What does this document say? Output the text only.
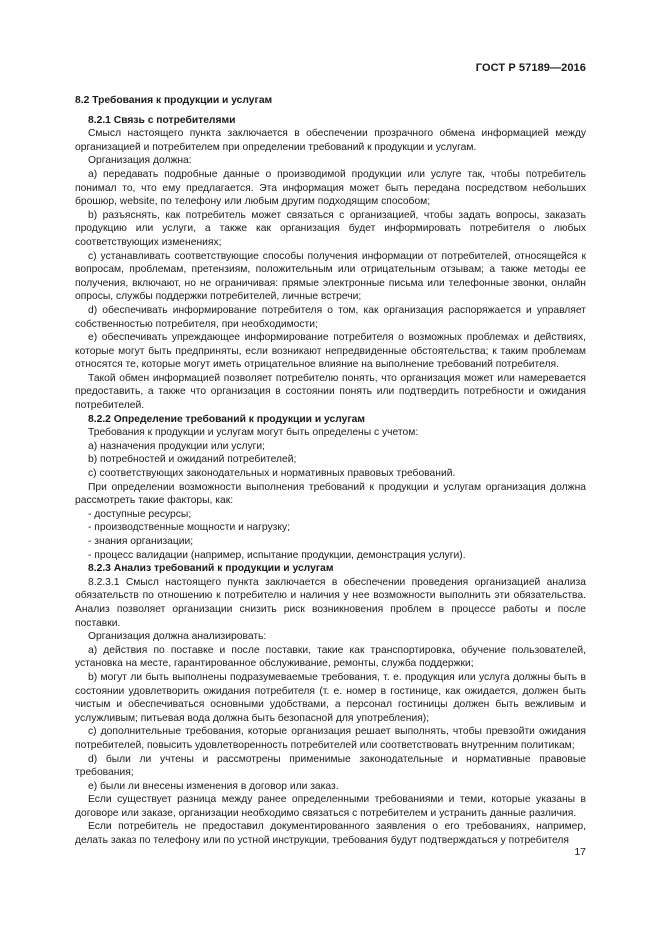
ГОСТ Р 57189—2016

8.2 Требования к продукции и услугам

8.2.1 Связь с потребителями

Смысл настоящего пункта заключается в обеспечении прозрачного обмена информацией между организацией и потребителем при определении требований к продукции и услугам.

Организация должна:

a) передавать подробные данные о производимой продукции или услуге так, чтобы потребитель понимал то, что ему предлагается. Эта информация может быть передана посредством небольших брошюр, website, по телефону или любым другим подходящим способом;

b) разъяснять, как потребитель может связаться с организацией, чтобы задать вопросы, заказать продукцию или услуги, а также как организация будет информировать потребителя о любых соответствующих изменениях;

c) устанавливать соответствующие способы получения информации от потребителей, относящейся к вопросам, проблемам, претензиям, положительным или отрицательным отзывам; а также методы ее получения, включают, но не ограничивая: прямые электронные письма или телефонные звонки, онлайн опросы, службы поддержки потребителей, личные встречи;

d) обеспечивать информирование потребителя о том, как организация распоряжается и управляет собственностью потребителя, при необходимости;

e) обеспечивать упреждающее информирование потребителя о возможных проблемах и действиях, которые могут быть предприняты, если возникают непредвиденные обстоятельства; к таким проблемам относятся те, которые могут иметь отрицательное влияние на выполнение требований потребителя.

Такой обмен информацией позволяет потребителю понять, что организация может или намеревается предоставить, а также что организация в состоянии понять или подтвердить потребности и ожидания потребителей.

8.2.2 Определение требований к продукции и услугам

Требования к продукции и услугам могут быть определены с учетом:

a) назначения продукции или услуги;

b) потребностей и ожиданий потребителей;

c) соответствующих законодательных и нормативных правовых требований.

При определении возможности выполнения требований к продукции и услугам организация должна рассмотреть такие факторы, как:

- доступные ресурсы;

- производственные мощности и нагрузку;

- знания организации;

- процесс валидации (например, испытание продукции, демонстрация услуги).

8.2.3 Анализ требований к продукции и услугам

8.2.3.1 Смысл настоящего пункта заключается в обеспечении проведения организацией анализа обязательств по отношению к потребителю и наличия у нее возможности выполнить эти обязательства. Анализ позволяет организации снизить риск возникновения проблем в процессе работы и после поставки.

Организация должна анализировать:

a) действия по поставке и после поставки, такие как транспортировка, обучение пользователей, установка на месте, гарантированное обслуживание, ремонты, служба поддержки;

b) могут ли быть выполнены подразумеваемые требования, т. е. продукция или услуга должны быть в состоянии удовлетворить ожидания потребителя (т. е. номер в гостинице, как ожидается, должен быть чистым и обеспечиваться основными удобствами, а персонал гостиницы должен быть вежливым и услужливым; питьевая вода должна быть безопасной для употребления);

c) дополнительные требования, которые организация решает выполнять, чтобы превзойти ожидания потребителей, повысить удовлетворенность потребителей или соответствовать внутренним политикам;

d) были ли учтены и рассмотрены применимые законодательные и нормативные правовые требования;

e) были ли внесены изменения в договор или заказ.

Если существует разница между ранее определенными требованиями и теми, которые указаны в договоре или заказе, организации необходимо связаться с потребителем и устранить данные различия.

Если потребитель не предоставил документированного заявления о его требованиях, например, делать заказ по телефону или по устной инструкции, требования будут подтверждаться у потребителя

17
